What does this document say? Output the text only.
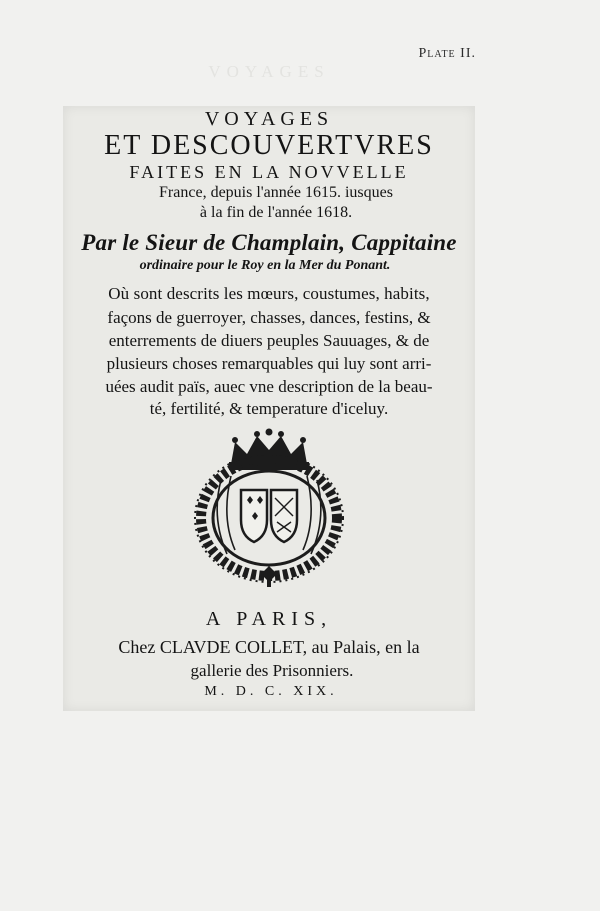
Plate II.
VOYAGES
VOYAGES
ET DESCOUVERTVRES
FAITES EN LA NOVVELLE
France, depuis l'année 1615. iusques
à la fin de l'année 1618.
Par le Sieur de Champlain, Cappitaine
ordinaire pour le Roy en la Mer du Ponant.
Où sont descrits les mœurs, coustumes, habits,
façons de guerroyer, chasses, dances, festins, &
enterrements de diuers peuples Sauuages, & de
plusieurs choses remarquables qui luy sont arri-
uées audit païs, auec vne description de la beau-
té, fertilité, & temperature d'iceluy.
A PARIS,
Chez CLAVDE COLLET, au Palais, en la
gallerie des Prisonniers.
M. D. C. XIX.
